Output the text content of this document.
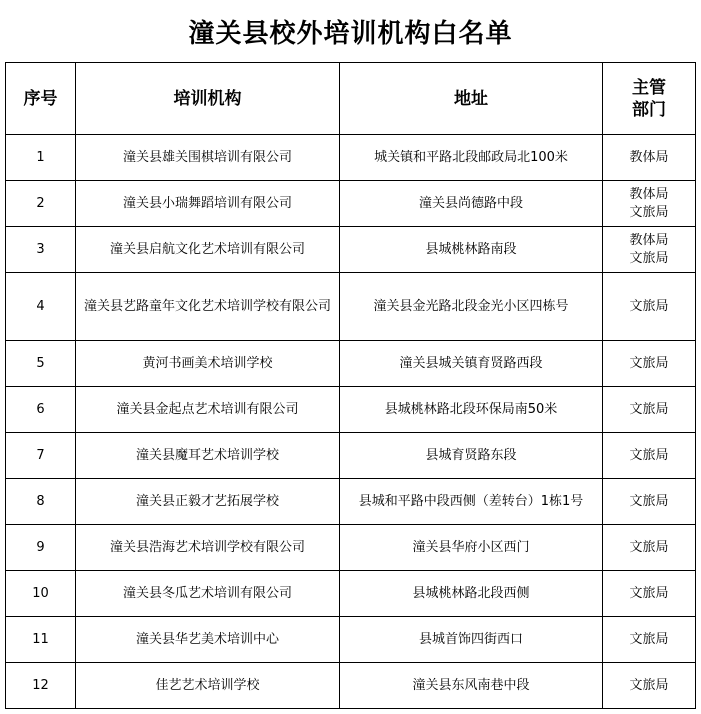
潼关县校外培训机构白名单
序号	培训机构	地址	主管
部门

1	潼关县雄关围棋培训有限公司	城关镇和平路北段邮政局北100米	教体局

2	潼关县小瑞舞蹈培训有限公司	潼关县尚德路中段	教体局
文旅局

3	潼关县启航文化艺术培训有限公司	县城桃林路南段	教体局
文旅局

4	潼关县艺路童年文化艺术培训学校有限公司	潼关县金光路北段金光小区四栋号	文旅局

5	黄河书画美术培训学校	潼关县城关镇育贤路西段	文旅局

6	潼关县金起点艺术培训有限公司	县城桃林路北段环保局南50米	文旅局

7	潼关县魔耳艺术培训学校	县城育贤路东段	文旅局

8	潼关县正毅才艺拓展学校	县城和平路中段西侧（差转台）1栋1号	文旅局

9	潼关县浩海艺术培训学校有限公司	潼关县华府小区西门	文旅局

10	潼关县冬瓜艺术培训有限公司	县城桃林路北段西侧	文旅局

11	潼关县华艺美术培训中心	县城首饰四街西口	文旅局

12	佳艺艺术培训学校	潼关县东风南巷中段	文旅局
